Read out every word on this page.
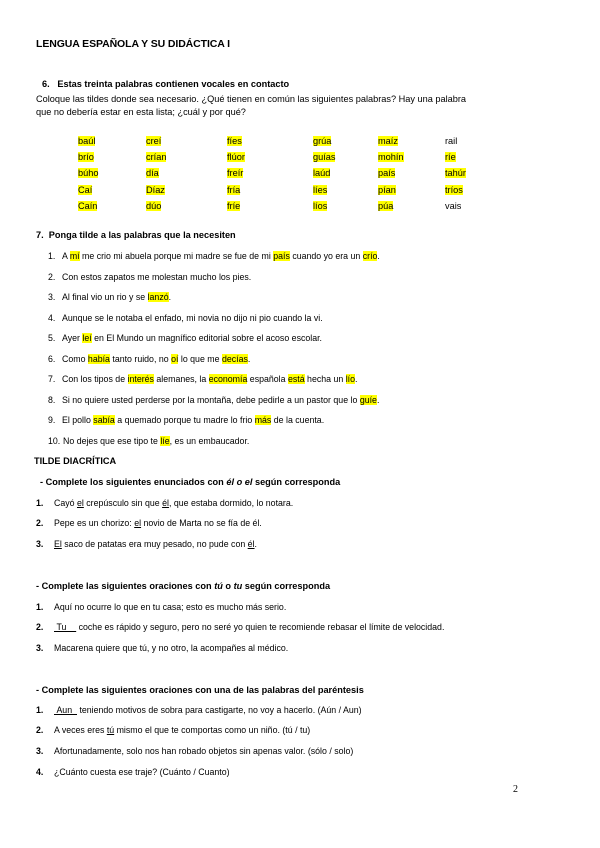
LENGUA ESPAÑOLA Y SU DIDÁCTICA I
6. Estas treinta palabras contienen vocales en contacto
Coloque las tildes donde sea necesario. ¿Qué tienen en común las siguientes palabras? Hay una palabra
que no debería estar en esta lista; ¿cuál y por qué?
baúl
brío
búho
Caí
Caín
creí
crían
día
Díaz
dúo
fíes
flúor
freír
fría
fríe
grúa
guías
laúd
líes
líos
maíz
mohín
país
pían
púa
rail
ríe
tahúr
tríos
vais
7. Ponga tilde a las palabras que la necesiten
1. A mí me crio mi abuela porque mi madre se fue de mi país cuando yo era un crío.
2. Con estos zapatos me molestan mucho los pies.
3. Al final vio un rio y se lanzó.
4. Aunque se le notaba el enfado, mi novia no dijo ni pio cuando la vi.
5. Ayer leí en El Mundo un magnífico editorial sobre el acoso escolar.
6. Como había tanto ruido, no oí lo que me decías.
7. Con los tipos de interés alemanes, la economía española está hecha un lío.
8. Si no quiere usted perderse por la montaña, debe pedirle a un pastor que lo guíe.
9. El pollo sabía a quemado porque tu madre lo frio más de la cuenta.
10. No dejes que ese tipo te líe, es un embaucador.
TILDE DIACRÍTICA
- Complete los siguientes enunciados con él o el según corresponda
1. Cayó el crepúsculo sin que él, que estaba dormido, lo notara.
2. Pepe es un chorizo: el novio de Marta no se fía de él.
3. El saco de patatas era muy pesado, no pude con él.
- Complete las siguientes oraciones con tú o tu según corresponda
1. Aquí no ocurre lo que en tu casa; esto es mucho más serio.
2. Tu     coche es rápido y seguro, pero no seré yo quien te recomiende rebasar el límite de velocidad.
3. Macarena quiere que tú, y no otro, la acompañes al médico.
- Complete las siguientes oraciones con una de las palabras del paréntesis
1. Aun   teniendo motivos de sobra para castigarte, no voy a hacerlo. (Aún / Aun)
2. A veces eres tú mismo el que te comportas como un niño. (tú / tu)
3. Afortunadamente, solo nos han robado objetos sin apenas valor. (sólo / solo)
4. ¿Cuánto cuesta ese traje? (Cuánto / Cuanto)
2
